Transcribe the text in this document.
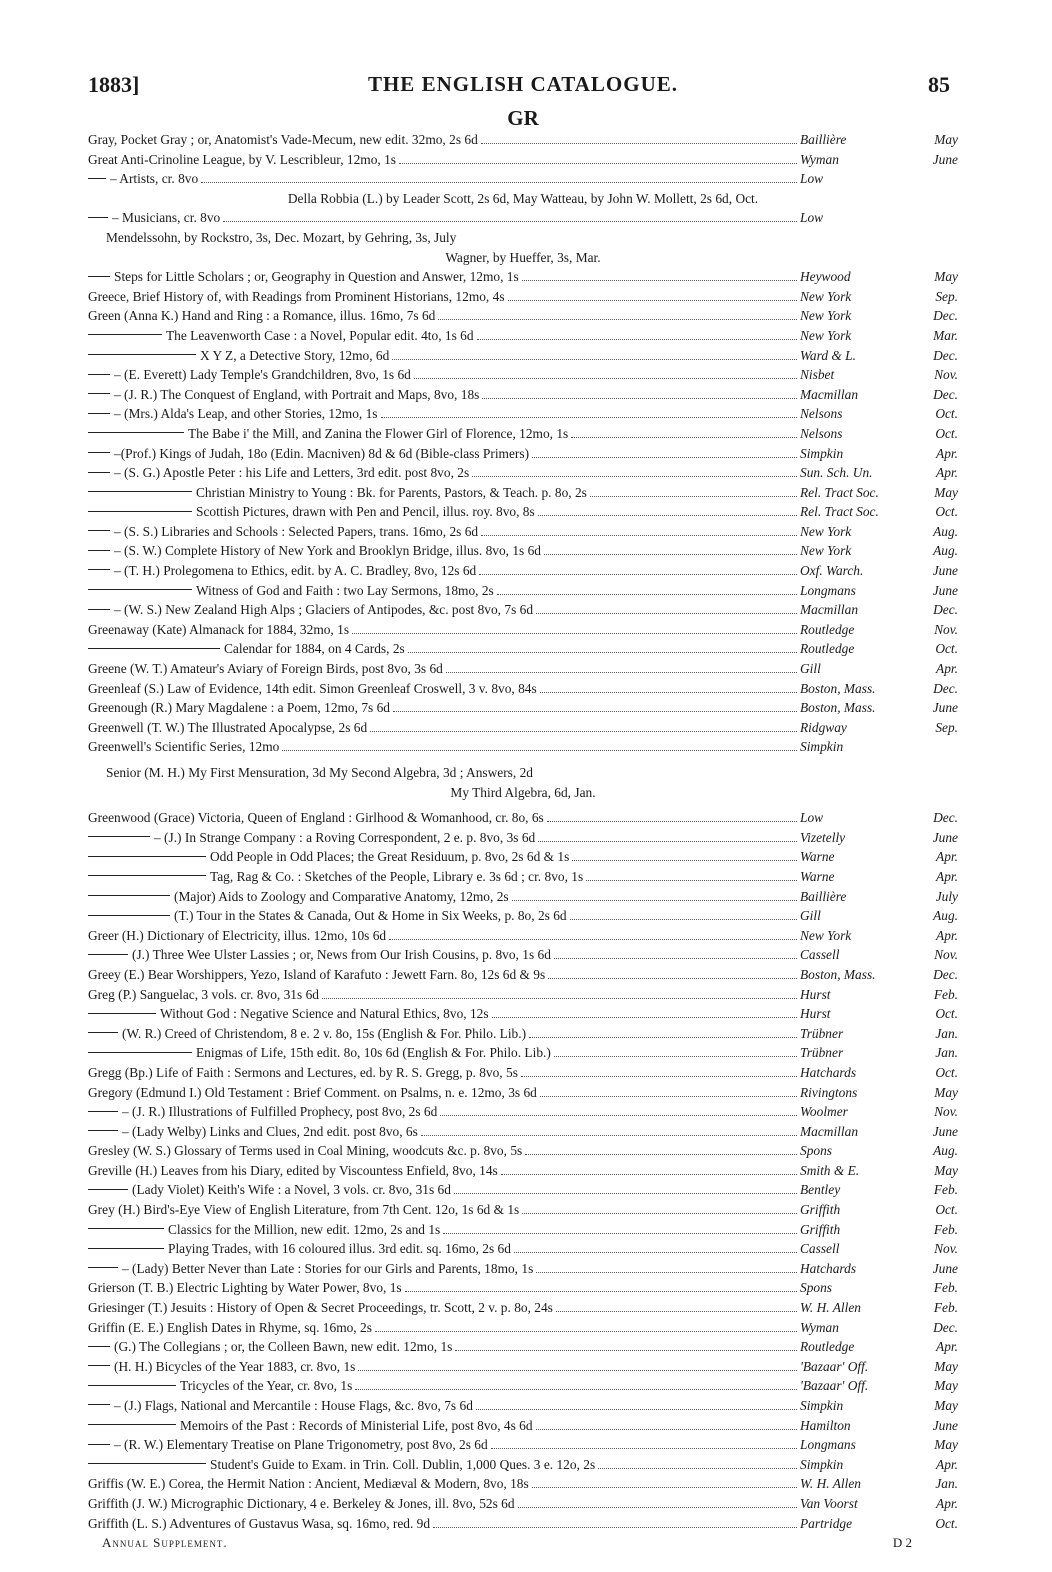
1883]	THE ENGLISH CATALOGUE.	85
GR
Gray, Pocket Gray ; or, Anatomist's Vade-Mecum, new edit. 32mo, 2s 6d	Baillière	May
Great Anti-Crinoline League, by V. Lescribleur, 12mo, 1s	Wyman	June
– Artists, cr. 8vo	Low
Della Robbia (L.) by Leader Scott, 2s 6d, May Watteau, by John W. Mollett, 2s 6d, Oct.
– Musicians, cr. 8vo	Low
Mendelssohn, by Rockstro, 3s, Dec. Mozart, by Gehring, 3s, July
Wagner, by Hueffer, 3s, Mar.
Steps for Little Scholars ; or, Geography in Question and Answer, 12mo, 1s	Heywood	May
Greece, Brief History of, with Readings from Prominent Historians, 12mo, 4s	New York	Sep.
Green (Anna K.) Hand and Ring : a Romance, illus. 16mo, 7s 6d	New York	Dec.
The Leavenworth Case : a Novel, Popular edit. 4to, 1s 6d	New York	Mar.
X Y Z, a Detective Story, 12mo, 6d	Ward & L.	Dec.
– (E. Everett) Lady Temple's Grandchildren, 8vo, 1s 6d	Nisbet	Nov.
– (J. R.) The Conquest of England, with Portrait and Maps, 8vo, 18s	Macmillan	Dec.
– (Mrs.) Alda's Leap, and other Stories, 12mo, 1s	Nelsons	Oct.
The Babe i' the Mill, and Zanina the Flower Girl of Florence, 12mo, 1s	Nelsons	Oct.
–(Prof.) Kings of Judah, 18o (Edin. Macniven) 8d & 6d (Bible-class Primers)	Simpkin	Apr.
– (S. G.) Apostle Peter : his Life and Letters, 3rd edit. post 8vo, 2s	Sun. Sch. Un.	Apr.
Christian Ministry to Young : Bk. for Parents, Pastors, & Teach. p. 8o, 2s	Rel. Tract Soc.	May
Scottish Pictures, drawn with Pen and Pencil, illus. roy. 8vo, 8s	Rel. Tract Soc.	Oct.
– (S. S.) Libraries and Schools : Selected Papers, trans. 16mo, 2s 6d	New York	Aug.
– (S. W.) Complete History of New York and Brooklyn Bridge, illus. 8vo, 1s 6d	New York	Aug.
– (T. H.) Prolegomena to Ethics, edit. by A. C. Bradley, 8vo, 12s 6d	Oxf. Warch.	June
Witness of God and Faith : two Lay Sermons, 18mo, 2s	Longmans	June
– (W. S.) New Zealand High Alps ; Glaciers of Antipodes, &c. post 8vo, 7s 6d	Macmillan	Dec.
Greenaway (Kate) Almanack for 1884, 32mo, 1s	Routledge	Nov.
Calendar for 1884, on 4 Cards, 2s	Routledge	Oct.
Greene (W. T.) Amateur's Aviary of Foreign Birds, post 8vo, 3s 6d	Gill	Apr.
Greenleaf (S.) Law of Evidence, 14th edit. Simon Greenleaf Croswell, 3 v. 8vo, 84s	Boston, Mass.	Dec.
Greenough (R.) Mary Magdalene : a Poem, 12mo, 7s 6d	Boston, Mass.	June
Greenwell (T. W.) The Illustrated Apocalypse, 2s 6d	Ridgway	Sep.
Greenwell's Scientific Series, 12mo	Simpkin
Senior (M. H.) My First Mensuration, 3d My Second Algebra, 3d ; Answers, 2d
My Third Algebra, 6d, Jan.
Greenwood (Grace) Victoria, Queen of England : Girlhood & Womanhood, cr. 8o, 6s	Low	Dec.
– (J.) In Strange Company : a Roving Correspondent, 2 e. p. 8vo, 3s 6d	Vizetelly	June
Odd People in Odd Places; the Great Residuum, p. 8vo, 2s 6d & 1s	Warne	Apr.
Tag, Rag & Co. : Sketches of the People, Library e. 3s 6d ; cr. 8vo, 1s	Warne	Apr.
(Major) Aids to Zoology and Comparative Anatomy, 12mo, 2s	Baillière	July
(T.) Tour in the States & Canada, Out & Home in Six Weeks, p. 8o, 2s 6d	Gill	Aug.
Greer (H.) Dictionary of Electricity, illus. 12mo, 10s 6d	New York	Apr.
(J.) Three Wee Ulster Lassies ; or, News from Our Irish Cousins, p. 8vo, 1s 6d	Cassell	Nov.
Greey (E.) Bear Worshippers, Yezo, Island of Karafuto : Jewett Farn. 8o, 12s 6d & 9s	Boston, Mass.	Dec.
Greg (P.) Sanguelac, 3 vols. cr. 8vo, 31s 6d	Hurst	Feb.
Without God : Negative Science and Natural Ethics, 8vo, 12s	Hurst	Oct.
(W. R.) Creed of Christendom, 8 e. 2 v. 8o, 15s (English & For. Philo. Lib.)	Trübner	Jan.
Enigmas of Life, 15th edit. 8o, 10s 6d (English & For. Philo. Lib.)	Trübner	Jan.
Gregg (Bp.) Life of Faith : Sermons and Lectures, ed. by R. S. Gregg, p. 8vo, 5s	Hatchards	Oct.
Gregory (Edmund I.) Old Testament : Brief Comment. on Psalms, n. e. 12mo, 3s 6d	Rivingtons	May
– (J. R.) Illustrations of Fulfilled Prophecy, post 8vo, 2s 6d	Woolmer	Nov.
– (Lady Welby) Links and Clues, 2nd edit. post 8vo, 6s	Macmillan	June
Gresley (W. S.) Glossary of Terms used in Coal Mining, woodcuts &c. p. 8vo, 5s	Spons	Aug.
Greville (H.) Leaves from his Diary, edited by Viscountess Enfield, 8vo, 14s	Smith & E.	May
(Lady Violet) Keith's Wife : a Novel, 3 vols. cr. 8vo, 31s 6d	Bentley	Feb.
Grey (H.) Bird's-Eye View of English Literature, from 7th Cent. 12o, 1s 6d & 1s	Griffith	Oct.
Classics for the Million, new edit. 12mo, 2s and 1s	Griffith	Feb.
Playing Trades, with 16 coloured illus. 3rd edit. sq. 16mo, 2s 6d	Cassell	Nov.
– (Lady) Better Never than Late : Stories for our Girls and Parents, 18mo, 1s	Hatchards	June
Grierson (T. B.) Electric Lighting by Water Power, 8vo, 1s	Spons	Feb.
Griesinger (T.) Jesuits : History of Open & Secret Proceedings, tr. Scott, 2 v. p. 8o, 24s	W. H. Allen	Feb.
Griffin (E. E.) English Dates in Rhyme, sq. 16mo, 2s	Wyman	Dec.
(G.) The Collegians ; or, the Colleen Bawn, new edit. 12mo, 1s	Routledge	Apr.
(H. H.) Bicycles of the Year 1883, cr. 8vo, 1s	'Bazaar' Off.	May
Tricycles of the Year, cr. 8vo, 1s	'Bazaar' Off.	May
– (J.) Flags, National and Mercantile : House Flags, &c. 8vo, 7s 6d	Simpkin	May
Memoirs of the Past : Records of Ministerial Life, post 8vo, 4s 6d	Hamilton	June
– (R. W.) Elementary Treatise on Plane Trigonometry, post 8vo, 2s 6d	Longmans	May
Student's Guide to Exam. in Trin. Coll. Dublin, 1,000 Ques. 3 e. 12o, 2s	Simpkin	Apr.
Griffis (W. E.) Corea, the Hermit Nation : Ancient, Mediæval & Modern, 8vo, 18s	W. H. Allen	Jan.
Griffith (J. W.) Micrographic Dictionary, 4 e. Berkeley & Jones, ill. 8vo, 52s 6d	Van Voorst	Apr.
Griffith (L. S.) Adventures of Gustavus Wasa, sq. 16mo, red. 9d	Partridge	Oct.
Annual Supplement.	D 2
